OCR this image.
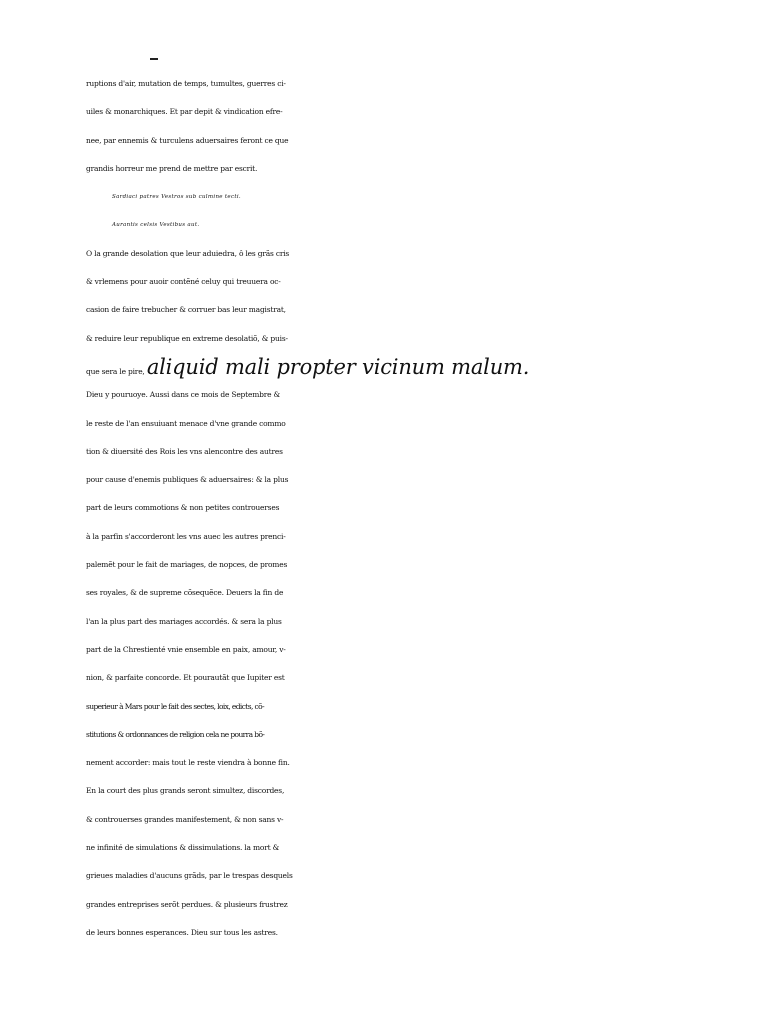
ruptions d'air, mutation de temps, tumultes, guerres ci-
uiles & monarchiques. Et par depit & vindication efre-
nee, par ennemis & turculens aduersaires feront ce que
grandis horreur me prend de mettre par escrit.
Sardiaci patres Vestros sub culmine tecti.
Aurantis celsis Vestibus aut.
O la grande desolation que leur aduiedra, ô les grãs cris
& vrlemens pour auoir contẽné celuy qui treuuera oc-
casion de faire trebucher & corruer bas leur magistrat,
& reduire leur republique en extreme desolatiõ, & puis-
que sera le pire, aliquid mali propter vicinum malum.
Dieu y pouruoye. Aussi dans ce mois de Septembre &
le reste de l'an ensuiuant menace d'vne grande commo
tion & diuersité des Rois les vns alencontre des autres
pour cause d'enemis publiques & aduersaires: & la plus
part de leurs commotions & non petites controuerses
à la parfin s'accorderont les vns auec les autres prenci-
palemẽt pour le fait de mariages, de nopces, de promes
ses royales, & de supreme cõsequẽce. Deuers la fin de
l'an la plus part des mariages accordés. & sera la plus
part de la Chrestienté vnie ensemble en paix, amour, v-
nion, & parfaite concorde. Et pourautãt que Iupiter est
superieur à Mars pour le fait des sectes, loix, edicts, cõ-
stitutions & ordonnances de religion cela ne pourra bõ-
nement accorder: mais tout le reste viendra à bonne fin.
En la court des plus grands seront simultez, discordes,
& controuerses grandes manifestement, & non sans v-
ne infinité de simulations & dissimulations. la mort &
grieues maladies d'aucuns grãds, par le trespas desquels
grandes entreprises serõt perdues. & plusieurs frustrez
de leurs bonnes esperances. Dieu sur tous les astres.
